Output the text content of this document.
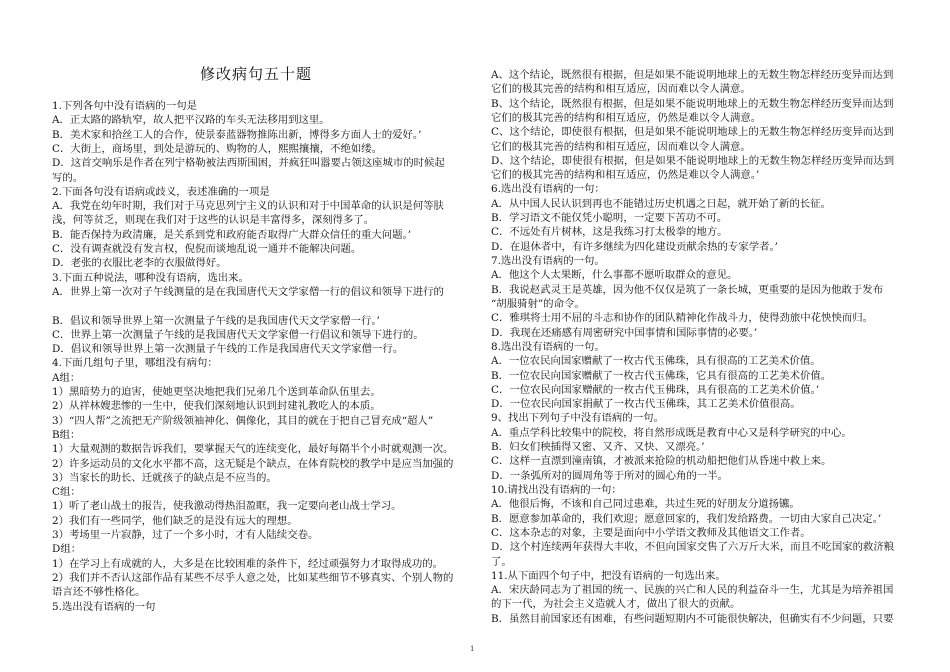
修改病句五十题
1.下列各句中没有语病的一句是
A．正太路的路轨窄，故人把平汉路的车头无法移用到这里。
B．美术家和拾丝工人的合作，使景泰蓝器物推陈出新，博得多方面人士的爱好。’
C．大街上，商场里，到处是游玩的、购物的人，熙熙攘攘，不绝如缕。
D．这首交响乐是作者在列宁格勒被法西斯围困，并疯狂叫嚣要占领这座城市的时候起
写的。
2.下面各句没有语病或歧义，表述准确的一项是
A．我党在幼年时期，我们对于马克思列宁主义的认识和对于中国革命的认识是何等肤
浅，何等贫乏，则现在我们对于这些的认识是丰富得多，深刻得多了。
B．能否保持为政清廉，是关系到党和政府能否取得广大群众信任的重大问题。’
C．没有调查就没有发言权，倪倪而谈地乱说一通并不能解决问题。
D．老张的衣服比老李的衣服做得好。
3.下面五种说法，哪种没有语病，选出来。
A．世界上第一次对子午线测量的是在我国唐代天文学家僧一行的倡议和领导下进行的
B．倡议和领导世界上第一次测量子午线的是我国唐代天文学家僧一行。’
C．世界上第一次测量子午线的是我国唐代天文学家僧一行倡议和领导下进行的。
D．倡议和领导世界上第一次测量子午线的工作是我国唐代天文学家僧一行。
4.下面几组句子里，哪组没有病句：
A组：
1）黑暗势力的迫害，使她更坚决地把我们兄弟几个送到革命队伍里去。
2）从祥林嫂悲惨的一生中，使我们深刻地认识到封建礼教吃人的本质。
3）“四人帮”之流把无产阶级领袖神化、偶像化，其目的就在于把自己冒充成“超人”
B组：
1）大量观测的数据告诉我们，要掌握天气的连续变化，最好每隔半个小时就观测一次。
2）许多运动员的文化水平都不高，这无疑是个缺点，在体育院校的教学中是应当加强的
3）当家长的助长、迁就孩子的缺点是不应当的。
C组：
1）听了老山战士的报告，使我激动得热泪盈眶，我一定要向老山战士学习。
2）我们有一些同学，他们缺乏的是没有远大的理想。
3）考场里一片寂静，过了一个多小时，才有人陆续交卷。
D组：
1）在学习上有成就的人，大多是在比较困难的条件下，经过顽强努力才取得成功的。
2）我们并不否认这部作品有某些不尽乎人意之处，比如某些细节不够真实、个别人物的
语言还不够性格化。
5.选出没有语病的一句
A、这个结论，既然很有根据，但是如果不能说明地球上的无数生物怎样经历变异而达到
它们的极其完善的结构和相互适应，因而难以令人满意。
B、这个结论，既然很有根据，但是如果不能说明地球上的无数生物怎样经历变异而达到
它们的极其完善的结构和相互适应，仍然是难以令人满意。
C、这个结论，即使很有根据，但是如果不能说明地球上的无数生物怎样经历变异而达到
它们的极其完善的结构和相互适应，因而难以令人满意。
D、这个结论，即使很有根据，但是如果不能说明地球上的无数生物怎样经历变异而达到
它们的极其完善的结构和相互适应，仍然是难以令人满意。’
6.选出没有语病的一句：
A．从中国人民认识到再也不能错过历史机遇之日起，就开始了新的长征。
B．学习语文不能仅凭小聪明，一定要下苦功不可。
C．不远处有片树林，这是我练习打太极拳的地方。
D．在退休者中，有许多继续为四化建设贡献余热的专家学者。’
7.选出没有语病的一句。
A．他这个人太果断，什么事都不愿听取群众的意见。
B．我说赵武灵王是英雄，因为他不仅仅是筑了一条长城，更重要的是因为他敢于发布
“胡服骑射”的命令。
C．雅琪将士用不屈的斗志和协作的团队精神化作战斗力，使得劲旅中花怏怏而归。
D．我现在还痛感有周密研究中国事情和国际事情的必要。’
8.选出没有语病的一句。
A．一位农民向国家赠献了一枚古代玉佛珠，具有很高的工艺美术价值。
B．一位农民向国家赠献了一枚古代玉佛珠，它具有很高的工艺美术价值。
C．一位农民向国家赠献的一枚古代玉佛珠，具有很高的工艺美术价值。’
D．一位农民向国家捐献了一枚古代玉佛珠，其工艺美术价值很高。
9、找出下列句子中没有语病的一句。
A．重点学科比较集中的院校，将自然形成既是教育中心又是科学研究的中心。
B．妇女们秧插得又密、又齐、又快、又漂亮。’
C．这样一直漂到潼南镇，才被派来抢险的机动船把他们从昏迷中救上来。
D．一条弧所对的圆周角等于所对的圆心角的一半。
10.请找出没有语病的一句：
A．他很后悔，不该和自己同过患难，共过生死的好朋友分道扬镳。
B．愿意参加革命的，我们欢迎；愿意回家的，我们发给路费。一切由大家自己决定。’
C．这本杂志的对象，主要是面向中小学语文教师及其他语文工作者。
D．这个村连续两年获得大丰收，不但向国家交售了六万斤大米，而且不吃国家的救济粮
了。
11.从下面四个句子中，把没有语病的一句选出来。
A．宋庆龄同志为了祖国的统一、民族的兴亡和人民的利益奋斗一生，尤其是为培养祖国
的下一代，为社会主义造就人才，做出了很大的贡献。
B．虽然目前国家还有困难，有些问题短期内不可能很快解决，但确实有不少问题，只要
1
